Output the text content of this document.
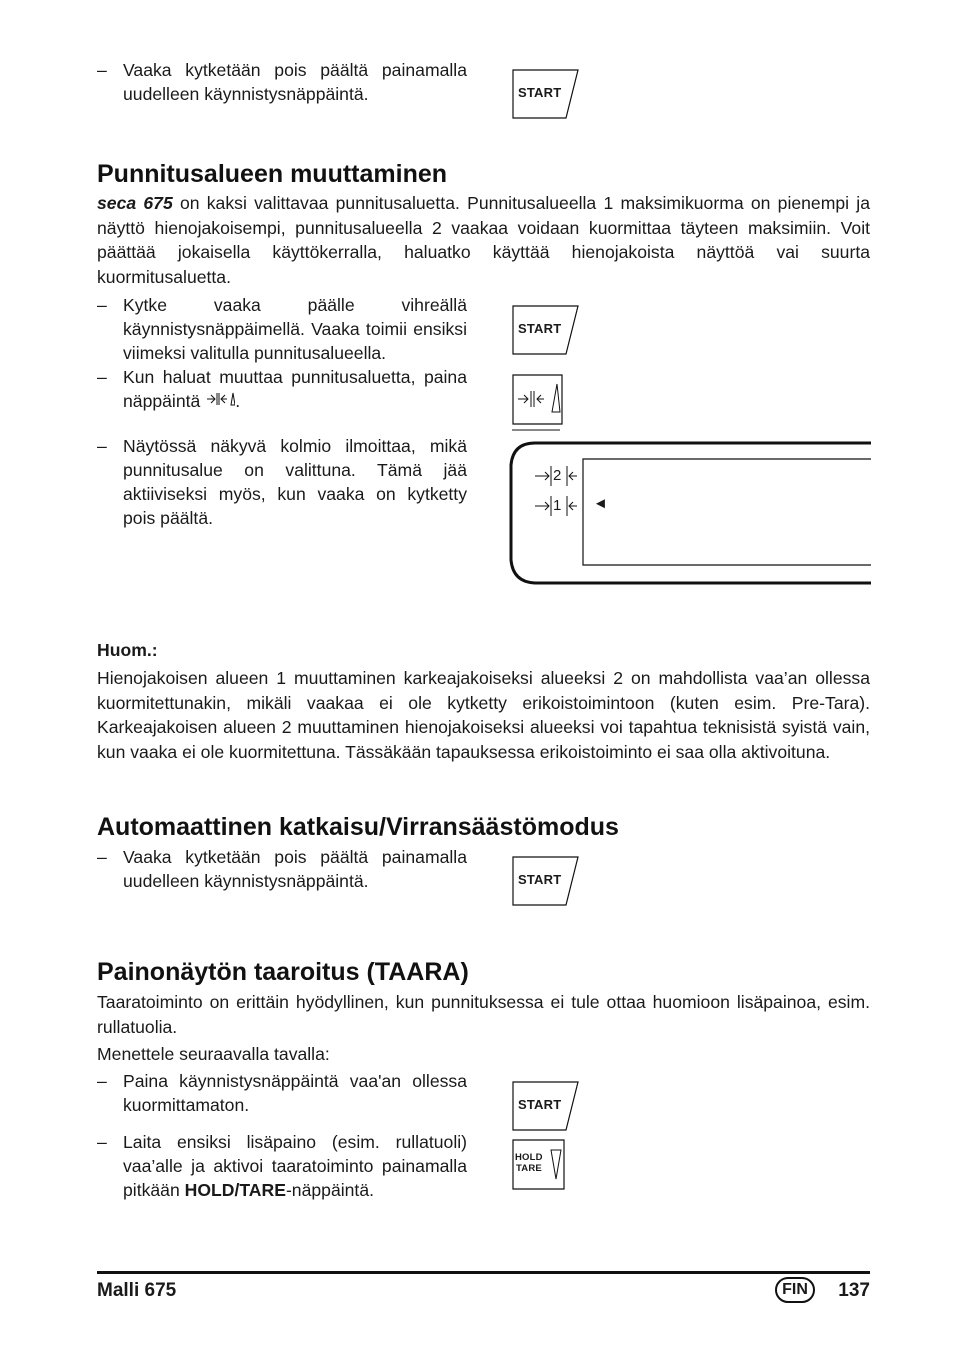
– Vaaka kytketään pois päältä painamalla uudelleen käynnistysnäppäintä.	START
Punnitusalueen muuttaminen

seca 675 on kaksi valittavaa punnitusaluetta. Punnitusalueella 1 maksimikuorma on pienempi ja näyttö hienojakoisempi, punnitusalueella 2 vaakaa voidaan kuormittaa täyteen maksimiin. Voit päättää jokaisella käyttökerralla, haluatko käyttää hienojakoista näyttöä vai suurta kuormitusaluetta.

– Kytke vaaka päälle vihreällä käynnistysnäppäimellä. Vaaka toimii ensiksi viimeksi valitulla punnitusalueella.
– Kun haluat muuttaa punnitusaluetta, paina näppäintä .
START
– Näytössä näkyvä kolmio ilmoittaa, mikä punnitusalue on valittuna. Tämä jää aktiiviseksi myös, kun vaaka on kytketty pois päältä.
2
1 ◄
Huom.:

Hienojakoisen alueen 1 muuttaminen karkeajakoiseksi alueeksi 2 on mahdollista vaa’an ollessa kuormitettunakin, mikäli vaakaa ei ole kytketty erikoistoimintoon (kuten esim. Pre-Tara). Karkeajakoisen alueen 2 muuttaminen hienojakoiseksi alueeksi voi tapahtua teknisistä syistä vain, kun vaaka ei ole kuormitettuna. Tässäkään tapauksessa erikoistoiminto ei saa olla aktivoituna.

Automaattinen katkaisu/Virransäästömodus
– Vaaka kytketään pois päältä painamalla uudelleen käynnistysnäppäintä.	START
Painonäytön taaroitus (TAARA)

Taaratoiminto on erittäin hyödyllinen, kun punnituksessa ei tule ottaa huomioon lisäpainoa, esim. rullatuolia.

Menettele seuraavalla tavalla:

– Paina käynnistysnäppäintä vaa'an ollessa kuormittamaton.	START
– Laita ensiksi lisäpaino (esim. rullatuoli) vaa’alle ja aktivoi taaratoiminto painamalla pitkään HOLD/TARE-näppäintä.
HOLD
TARE
Malli 675	FIN	137
